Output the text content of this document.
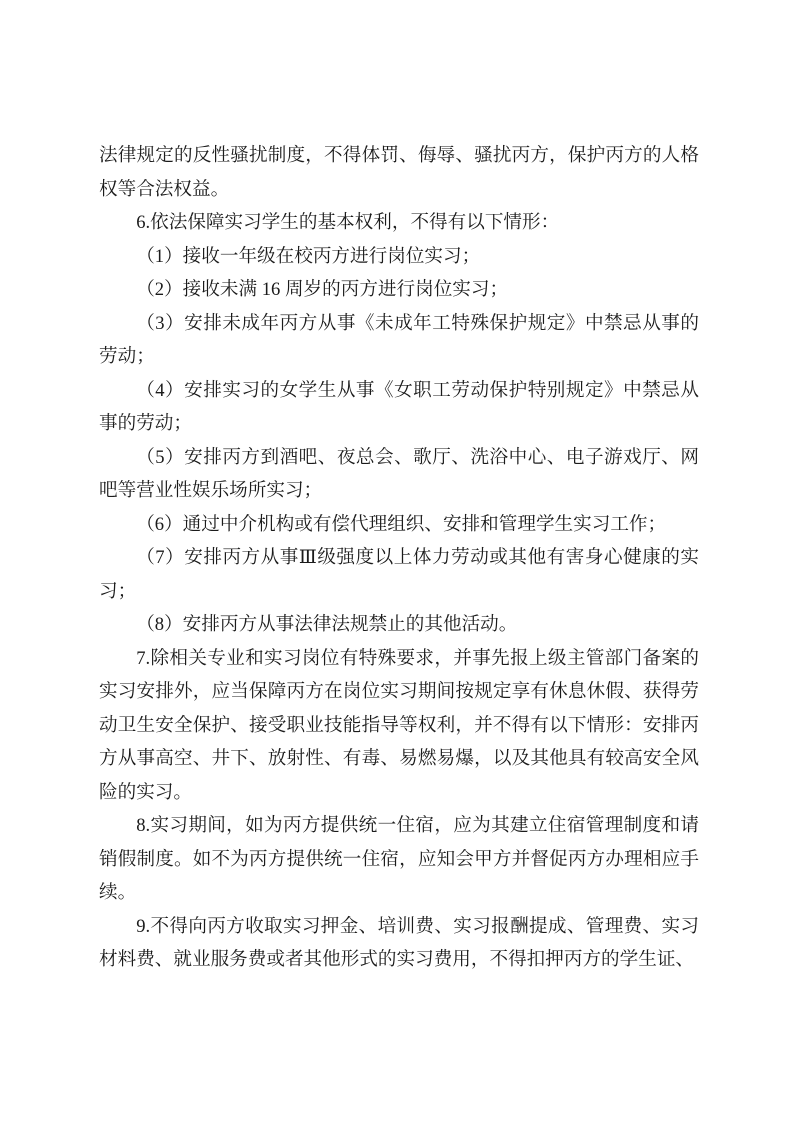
法律规定的反性骚扰制度，不得体罚、侮辱、骚扰丙方，保护丙方的人格权等合法权益。

6.依法保障实习学生的基本权利，不得有以下情形：

（1）接收一年级在校丙方进行岗位实习；

（2）接收未满 16 周岁的丙方进行岗位实习；

（3）安排未成年丙方从事《未成年工特殊保护规定》中禁忌从事的劳动；

（4）安排实习的女学生从事《女职工劳动保护特别规定》中禁忌从事的劳动；

（5）安排丙方到酒吧、夜总会、歌厅、洗浴中心、电子游戏厅、网吧等营业性娱乐场所实习；

（6）通过中介机构或有偿代理组织、安排和管理学生实习工作；

（7）安排丙方从事Ⅲ级强度以上体力劳动或其他有害身心健康的实习；

（8）安排丙方从事法律法规禁止的其他活动。

7.除相关专业和实习岗位有特殊要求，并事先报上级主管部门备案的实习安排外，应当保障丙方在岗位实习期间按规定享有休息休假、获得劳动卫生安全保护、接受职业技能指导等权利，并不得有以下情形：安排丙方从事高空、井下、放射性、有毒、易燃易爆，以及其他具有较高安全风险的实习。

8.实习期间，如为丙方提供统一住宿，应为其建立住宿管理制度和请销假制度。如不为丙方提供统一住宿，应知会甲方并督促丙方办理相应手续。

9.不得向丙方收取实习押金、培训费、实习报酬提成、管理费、实习材料费、就业服务费或者其他形式的实习费用，不得扣押丙方的学生证、
